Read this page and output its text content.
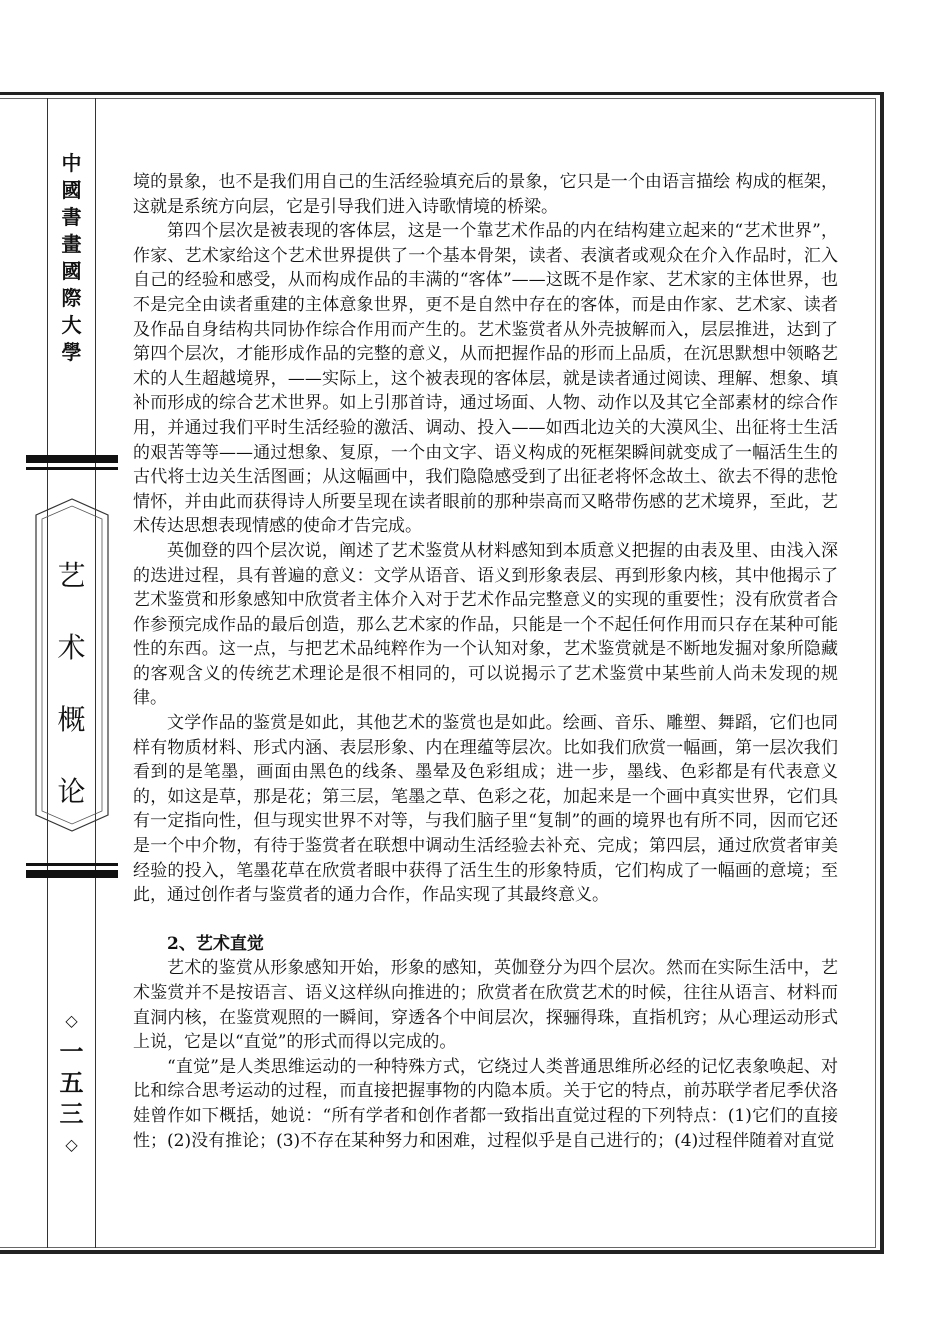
中
國
書
畫
國
際
大
學
艺
术
概
论
◇
一
五
三
◇

境的景象，也不是我们用自己的生活经验填充后的景象，它只是一个由语言描绘 构成的框架，这就是系统方向层，它是引导我们进入诗歌情境的桥梁。

第四个层次是被表现的客体层，这是一个靠艺术作品的内在结构建立起来的“艺术世界”，作家、艺术家给这个艺术世界提供了一个基本骨架，读者、表演者或观众在介入作品时，汇入自己的经验和感受，从而构成作品的丰满的“客体”——这既不是作家、艺术家的主体世界，也不是完全由读者重建的主体意象世界，更不是自然中存在的客体，而是由作家、艺术家、读者及作品自身结构共同协作综合作用而产生的。艺术鉴赏者从外壳披解而入，层层推进，达到了第四个层次，才能形成作品的完整的意义，从而把握作品的形而上品质，在沉思默想中领略艺术的人生超越境界，——实际上，这个被表现的客体层，就是读者通过阅读、理解、想象、填补而形成的综合艺术世界。如上引那首诗，通过场面、人物、动作以及其它全部素材的综合作用，并通过我们平时生活经验的激活、调动、投入——如西北边关的大漠风尘、出征将士生活的艰苦等等——通过想象、复原，一个由文字、语义构成的死框架瞬间就变成了一幅活生生的古代将士边关生活图画；从这幅画中，我们隐隐感受到了出征老将怀念故土、欲去不得的悲怆情怀，并由此而获得诗人所要呈现在读者眼前的那种崇高而又略带伤感的艺术境界，至此，艺术传达思想表现情感的使命才告完成。

英伽登的四个层次说，阐述了艺术鉴赏从材料感知到本质意义把握的由表及里、由浅入深的迭进过程，具有普遍的意义：文学从语音、语义到形象表层、再到形象内核，其中他揭示了艺术鉴赏和形象感知中欣赏者主体介入对于艺术作品完整意义的实现的重要性；没有欣赏者合作参预完成作品的最后创造，那么艺术家的作品，只能是一个不起任何作用而只存在某种可能性的东西。这一点，与把艺术品纯粹作为一个认知对象，艺术鉴赏就是不断地发掘对象所隐藏的客观含义的传统艺术理论是很不相同的，可以说揭示了艺术鉴赏中某些前人尚未发现的规律。

文学作品的鉴赏是如此，其他艺术的鉴赏也是如此。绘画、音乐、雕塑、舞蹈，它们也同样有物质材料、形式内涵、表层形象、内在理蕴等层次。比如我们欣赏一幅画，第一层次我们看到的是笔墨，画面由黑色的线条、墨晕及色彩组成；进一步，墨线、色彩都是有代表意义的，如这是草，那是花；第三层，笔墨之草、色彩之花，加起来是一个画中真实世界，它们具有一定指向性，但与现实世界不对等，与我们脑子里“复制”的画的境界也有所不同，因而它还是一个中介物，有待于鉴赏者在联想中调动生活经验去补充、完成；第四层，通过欣赏者审美经验的投入，笔墨花草在欣赏者眼中获得了活生生的形象特质，它们构成了一幅画的意境；至此，通过创作者与鉴赏者的通力合作，作品实现了其最终意义。

2、艺术直觉

艺术的鉴赏从形象感知开始，形象的感知，英伽登分为四个层次。然而在实际生活中，艺术鉴赏并不是按语言、语义这样纵向推进的；欣赏者在欣赏艺术的时候，往往从语言、材料而直洞内核，在鉴赏观照的一瞬间，穿透各个中间层次，探骊得珠，直指机窍；从心理运动形式上说，它是以“直觉”的形式而得以完成的。

“直觉”是人类思维运动的一种特殊方式，它绕过人类普通思维所必经的记忆表象唤起、对比和综合思考运动的过程，而直接把握事物的内隐本质。关于它的特点，前苏联学者尼季伏洛娃曾作如下概括，她说：“所有学者和创作者都一致指出直觉过程的下列特点：(1)它们的直接性；(2)没有推论；(3)不存在某种努力和困难，过程似乎是自己进行的；(4)过程伴随着对直觉
